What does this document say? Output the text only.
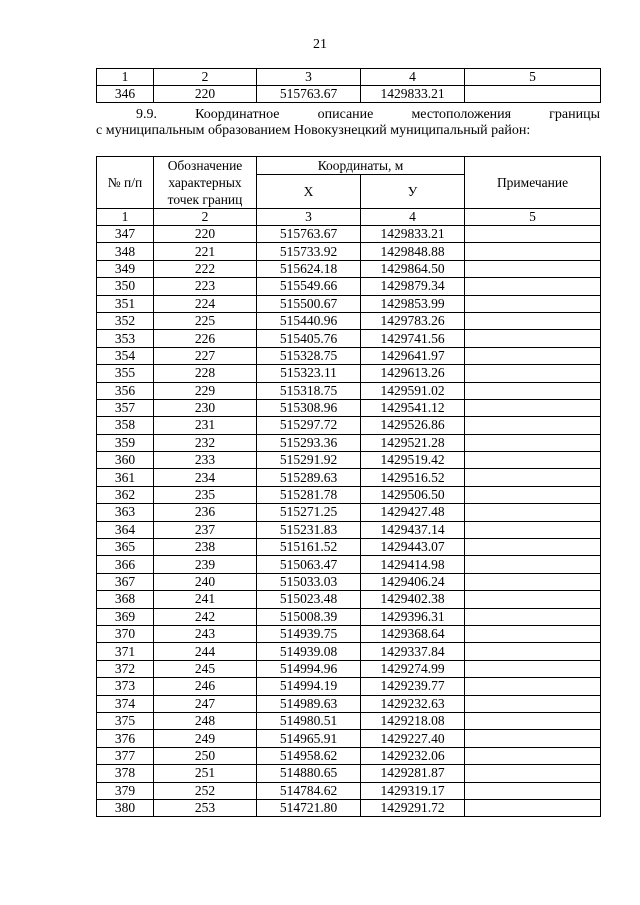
21
1	2	3	4	5
346	220	515763.67	1429833.21	
9.9.	Координатное	описание	местоположения	границы
с муниципальным образованием Новокузнецкий муниципальный район:
№ п/п	Обозначение характерных точек границ	Координаты, м		Примечание
		X	У	
1	2	3	4	5
347	220	515763.67	1429833.21	
348	221	515733.92	1429848.88	
349	222	515624.18	1429864.50	
350	223	515549.66	1429879.34	
351	224	515500.67	1429853.99	
352	225	515440.96	1429783.26	
353	226	515405.76	1429741.56	
354	227	515328.75	1429641.97	
355	228	515323.11	1429613.26	
356	229	515318.75	1429591.02	
357	230	515308.96	1429541.12	
358	231	515297.72	1429526.86	
359	232	515293.36	1429521.28	
360	233	515291.92	1429519.42	
361	234	515289.63	1429516.52	
362	235	515281.78	1429506.50	
363	236	515271.25	1429427.48	
364	237	515231.83	1429437.14	
365	238	515161.52	1429443.07	
366	239	515063.47	1429414.98	
367	240	515033.03	1429406.24	
368	241	515023.48	1429402.38	
369	242	515008.39	1429396.31	
370	243	514939.75	1429368.64	
371	244	514939.08	1429337.84	
372	245	514994.96	1429274.99	
373	246	514994.19	1429239.77	
374	247	514989.63	1429232.63	
375	248	514980.51	1429218.08	
376	249	514965.91	1429227.40	
377	250	514958.62	1429232.06	
378	251	514880.65	1429281.87	
379	252	514784.62	1429319.17	
380	253	514721.80	1429291.72	
